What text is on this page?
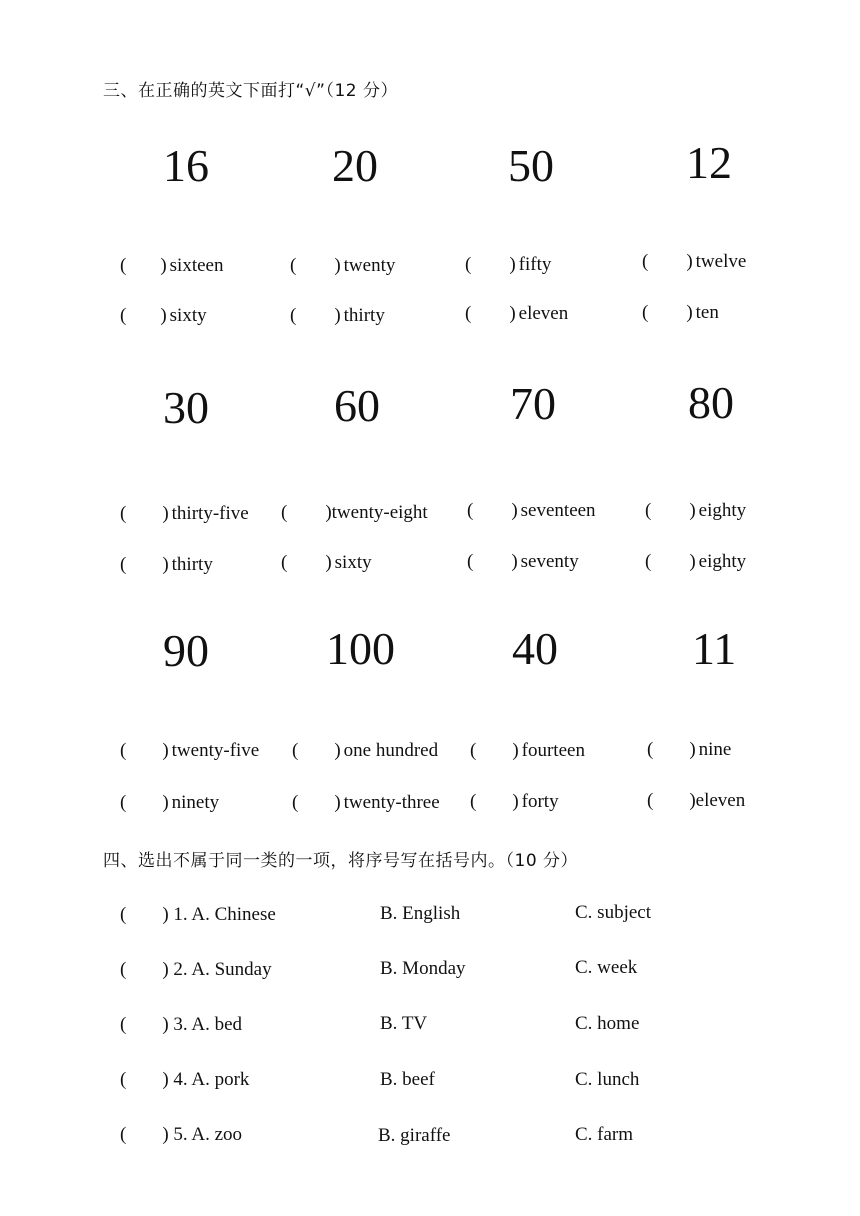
三、在正确的英文下面打“√”（12 分）
16	20	50	12
( ) sixteen	( ) twenty	( ) fifty	( ) twelve
( ) sixty	( ) thirty	( ) eleven	( ) ten
30	60	70	80
( ) thirty-five ( ) twenty-eight ( ) seventeen	( ) eighty
( ) thirty	( ) sixty	( ) seventy	( ) eighty
90	100	40	11
( ) twenty-five ( ) one hundred ( ) fourteen	( ) nine
( ) ninety	( ) twenty-three ( ) forty	( ) eleven
四、选出不属于同一类的一项，将序号写在括号内。（10 分）
(	) 1. A. Chinese	B. English	C. subject
(	) 2. A. Sunday	B. Monday	C. week
(	) 3. A. bed	B. TV	C. home
(	) 4. A. pork	B. beef	C. lunch
(	) 5. A. zoo	B. giraffe	C. farm
